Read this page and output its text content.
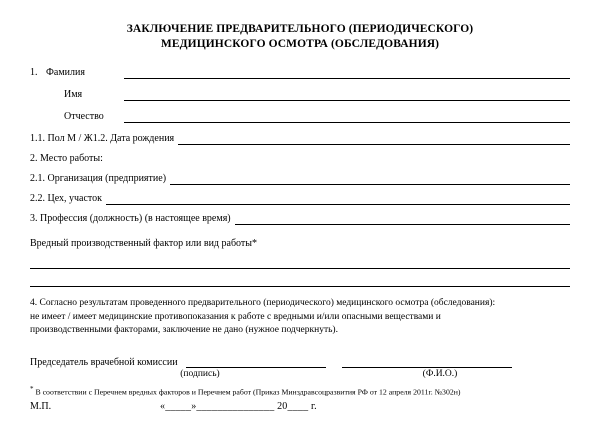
ЗАКЛЮЧЕНИЕ ПРЕДВАРИТЕЛЬНОГО (ПЕРИОДИЧЕСКОГО)
МЕДИЦИНСКОГО ОСМОТРА (ОБСЛЕДОВАНИЯ)
1. Фамилия
Имя
Отчество
1.1. Пол М / Ж 1.2. Дата рождения
2. Место работы:
2.1. Организация (предприятие)
2.2. Цех, участок
3. Профессия (должность) (в настоящее время)
Вредный производственный фактор или вид работы*
4. Согласно результатам проведенного предварительного (периодического) медицинского осмотра (обследования):
не имеет / имеет медицинские противопоказания к работе с вредными и/или опасными веществами и
производственными факторами, заключение не дано (нужное подчеркнуть).
Председатель врачебной комиссии
(подпись)	(Ф.И.О.)
М.П.	«_____»_______________ 20____ г.
* В соответствии с Перечнем вредных факторов и Перечнем работ (Приказ Минздравсоцразвития РФ от 12 апреля 2011г. №302н)
